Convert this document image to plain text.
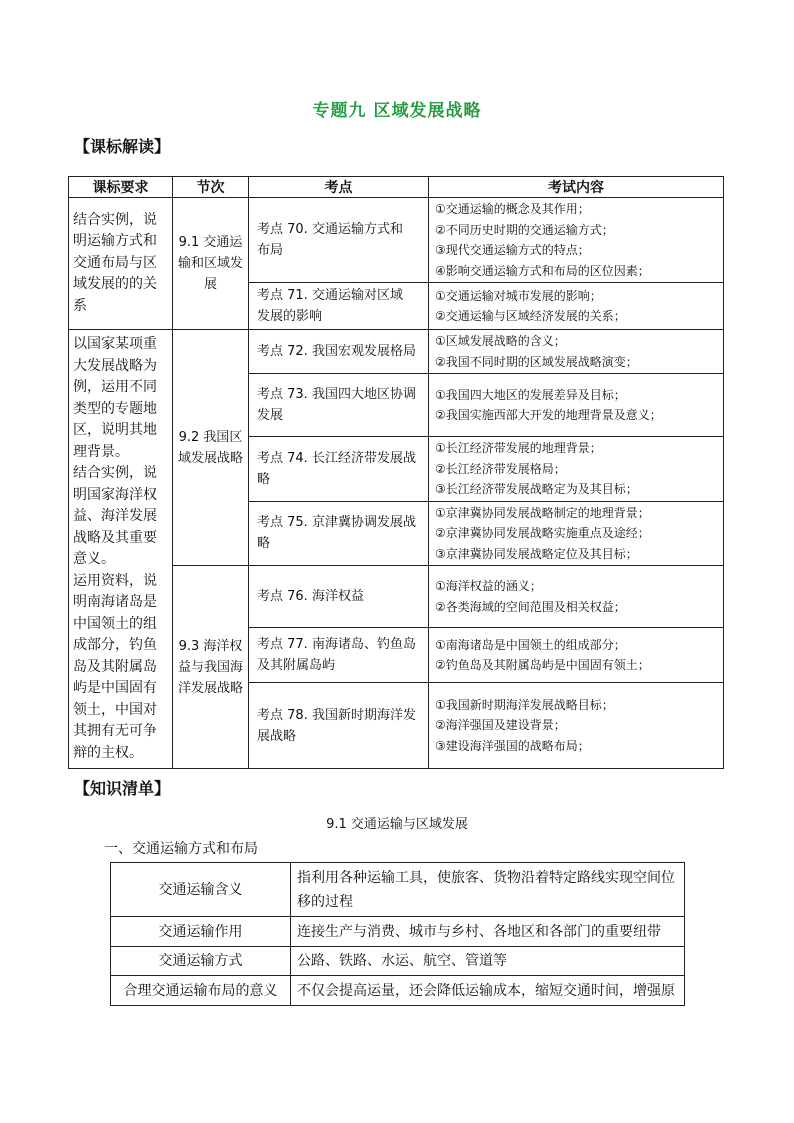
专题九 区域发展战略
【课标解读】
课标要求	节次	考点	考试内容
结合实例，说明运输方式和交通布局与区域发展的的关系	9.1 交通运输和区域发展	考点 70. 交通运输方式和
布局	①交通运输的概念及其作用；
②不同历史时期的交通运输方式；
③现代交通运输方式的特点；
④影响交通运输方式和布局的区位因素；
		考点 71. 交通运输对区域
发展的影响	①交通运输对城市发展的影响；
②交通运输与区域经济发展的关系；
以国家某项重大发展战略为例，运用不同类型的专题地区，说明其地理背景。
结合实例，说明国家海洋权益、海洋发展战略及其重要意义。
运用资料，说明南海诸岛是中国领土的组成部分，钓鱼岛及其附属岛屿是中国固有领土，中国对其拥有无可争辩的主权。	9.2 我国区域发展战略	考点 72. 我国宏观发展格局	①区域发展战略的含义；
②我国不同时期的区域发展战略演变；
		考点 73. 我国四大地区协调
发展	①我国四大地区的发展差异及目标；
②我国实施西部大开发的地理背景及意义；
		考点 74. 长江经济带发展战
略	①长江经济带发展的地理背景；
②长江经济带发展格局；
③长江经济带发展战略定为及其目标；
		考点 75. 京津冀协调发展战
略	①京津冀协同发展战略制定的地理背景；
②京津冀协同发展战略实施重点及途经；
③京津冀协同发展战略定位及其目标；
	9.3 海洋权益与我国海洋发展战略	考点 76. 海洋权益	①海洋权益的涵义；
②各类海域的空间范围及相关权益；
		考点 77. 南海诸岛、钓鱼岛
及其附属岛屿	①南海诸岛是中国领土的组成部分；
②钓鱼岛及其附属岛屿是中国固有领土；
		考点 78. 我国新时期海洋发
展战略	①我国新时期海洋发展战略目标；
②海洋强国及建设背景；
③建设海洋强国的战略布局；
【知识清单】
9.1 交通运输与区域发展
一、交通运输方式和布局
交通运输含义	指利用各种运输工具，使旅客、货物沿着特定路线实现空间位移的过程
交通运输作用	连接生产与消费、城市与乡村、各地区和各部门的重要纽带
交通运输方式	公路、铁路、水运、航空、管道等
合理交通运输布局的意义	不仅会提高运量，还会降低运输成本，缩短交通时间，增强原
